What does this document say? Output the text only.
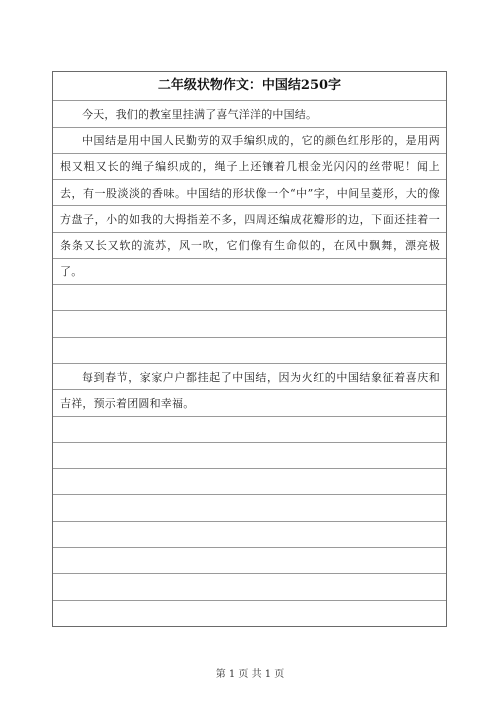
二年级状物作文：中国结250字

今天，我们的教室里挂满了喜气洋洋的中国结。

中国结是用中国人民勤劳的双手编织成的，它的颜色红彤彤的，是用两根又粗又长的绳子编织成的，绳子上还镶着几根金光闪闪的丝带呢！闻上去，有一股淡淡的香味。中国结的形状像一个“中”字，中间呈菱形，大的像方盘子，小的如我的大拇指差不多，四周还编成花瓣形的边，下面还挂着一条条又长又软的流苏，风一吹，它们像有生命似的，在风中飘舞，漂亮极了。

每到春节，家家户户都挂起了中国结，因为火红的中国结象征着喜庆和吉祥，预示着团圆和幸福。

第 1 页 共 1 页
